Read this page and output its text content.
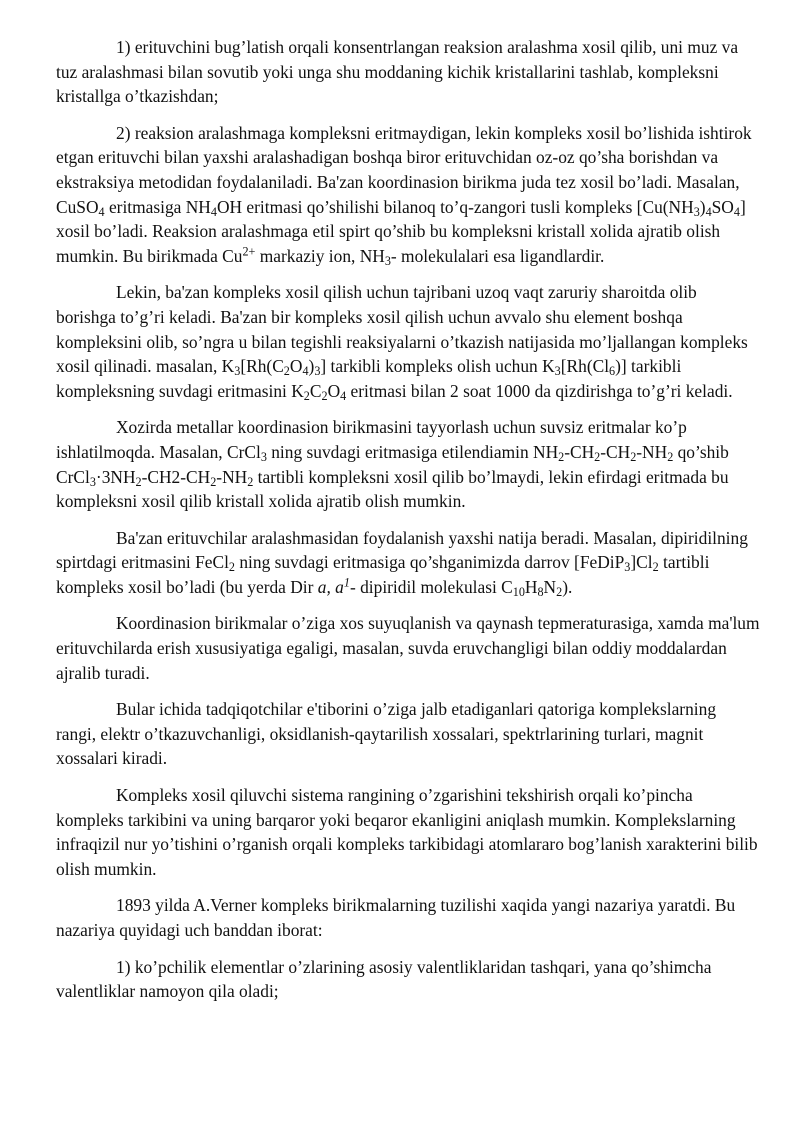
1) erituvchini bug’latish orqali konsentrlangan reaksion aralashma xosil qilib, uni muz va tuz aralashmasi bilan sovutib yoki unga shu moddaning kichik kristallarini tashlab, kompleksni kristallga o’tkazishdan;

2) reaksion aralashmaga kompleksni eritmaydigan, lekin kompleks xosil bo’lishida ishtirok etgan erituvchi bilan yaxshi aralashadigan boshqa biror erituvchidan oz-oz qo’sha borishdan va ekstraksiya metodidan foydalaniladi. Ba'zan koordinasion birikma juda tez xosil bo’ladi. Masalan, CuSO$_4$ eritmasiga $NH_4OH$ eritmasi qo’shilishi bilanoq to’q-zangori tusli kompleks $[Cu(NH_3)_4SO_4]$ xosil bo’ladi. Reaksion aralashmaga etil spirt qo’shib bu kompleksni kristall xolida ajratib olish mumkin. Bu birikmada $Cu^{2+}$ markaziy ion, $NH_3-$ molekulalari esa ligandlardir.

Lekin, ba'zan kompleks xosil qilish uchun tajribani uzoq vaqt zaruriy sharoitda olib borishga to’g’ri keladi. Ba'zan bir kompleks xosil qilish uchun avvalo shu element boshqa kompleksini olib, so’ngra u bilan tegishli reaksiyalarni o’tkazish natijasida mo’ljallangan kompleks xosil qilinadi. masalan, $K_3[Rh(C_2O_4)_3]$ tarkibli kompleks olish uchun $K_3[Rh(Cl_6)]$ tarkibli kompleksning suvdagi eritmasini $K_2C_2O_4$ eritmasi bilan 2 soat 1000 da qizdirishga to’g’ri keladi.

Xozirda metallar koordinasion birikmasini tayyorlash uchun suvsiz eritmalar ko’p ishlatilmoqda. Masalan, CrCl$_3$ ning suvdagi eritmasiga etilendiamin $NH_2-CH_2-CH_2-NH_2$ qo’shib $CrCl_3\cdot 3NH_2-CH2-CH_2-NH_2$ tartibli kompleksni xosil qilib bo’lmaydi, lekin efirdagi eritmada bu kompleksni xosil qilib kristall xolida ajratib olish mumkin.

Ba'zan erituvchilar aralashmasidan foydalanish yaxshi natija beradi. Masalan, dipiridilning spirtdagi eritmasini FeCl$_2$ ning suvdagi eritmasiga qo’shganimizda darrov $[FeDiP_3]Cl_2$ tartibli kompleks xosil bo’ladi (bu yerda Dir a, $a^1-$ dipiridil molekulasi $C_{10}H_8N_2$).

Koordinasion birikmalar o’ziga xos suyuqlanish va qaynash tepmeraturasiga, xamda ma'lum erituvchilarda erish xususiyatiga egaligi, masalan, suvda eruvchangligi bilan oddiy moddalardan ajralib turadi.

Bular ichida tadqiqotchilar e'tiborini o’ziga jalb etadiganlari qatoriga komplekslarning rangi, elektr o’tkazuvchanligi, oksidlanish-qaytarilish xossalari, spektrlarining turlari, magnit xossalari kiradi.

Kompleks xosil qiluvchi sistema rangining o’zgarishini tekshirish orqali ko’pincha kompleks tarkibini va uning barqaror yoki beqaror ekanligini aniqlash mumkin. Komplekslarning infraqizil nur yo’tishini o’rganish orqali kompleks tarkibidagi atomlararo bog’lanish xarakterini bilib olish mumkin.

1893 yilda A.Verner kompleks birikmalarning tuzilishi xaqida yangi nazariya yaratdi. Bu nazariya quyidagi uch banddan iborat:

1) ko’pchilik elementlar o’zlarining asosiy valentliklaridan tashqari, yana qo’shimcha valentliklar namoyon qila oladi;
